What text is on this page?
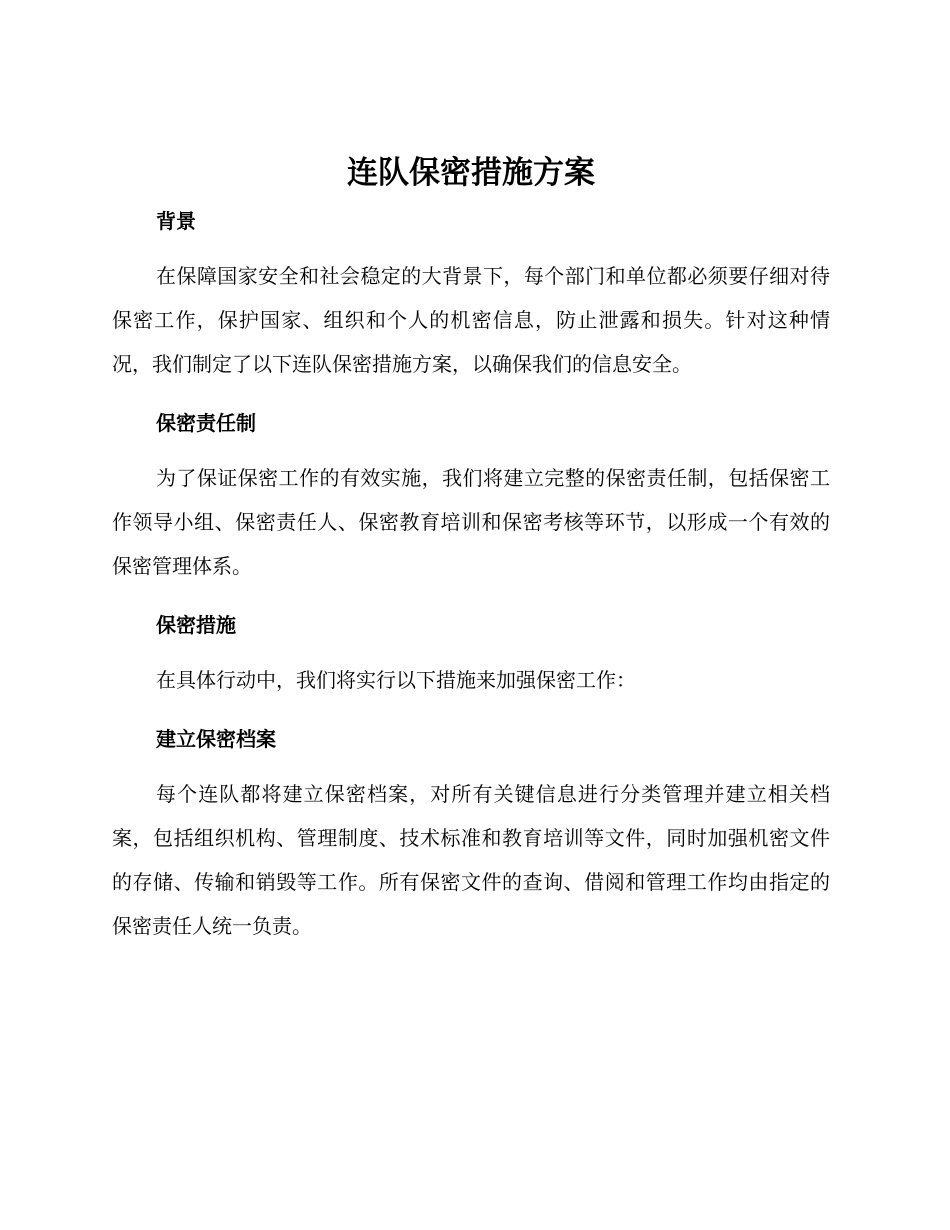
连队保密措施方案
背景

在保障国家安全和社会稳定的大背景下，每个部门和单位都必须要仔细对待保密工作，保护国家、组织和个人的机密信息，防止泄露和损失。针对这种情况，我们制定了以下连队保密措施方案，以确保我们的信息安全。

保密责任制

为了保证保密工作的有效实施，我们将建立完整的保密责任制，包括保密工作领导小组、保密责任人、保密教育培训和保密考核等环节，以形成一个有效的保密管理体系。

保密措施

在具体行动中，我们将实行以下措施来加强保密工作：

建立保密档案

每个连队都将建立保密档案，对所有关键信息进行分类管理并建立相关档案，包括组织机构、管理制度、技术标准和教育培训等文件，同时加强机密文件的存储、传输和销毁等工作。所有保密文件的查询、借阅和管理工作均由指定的保密责任人统一负责。
